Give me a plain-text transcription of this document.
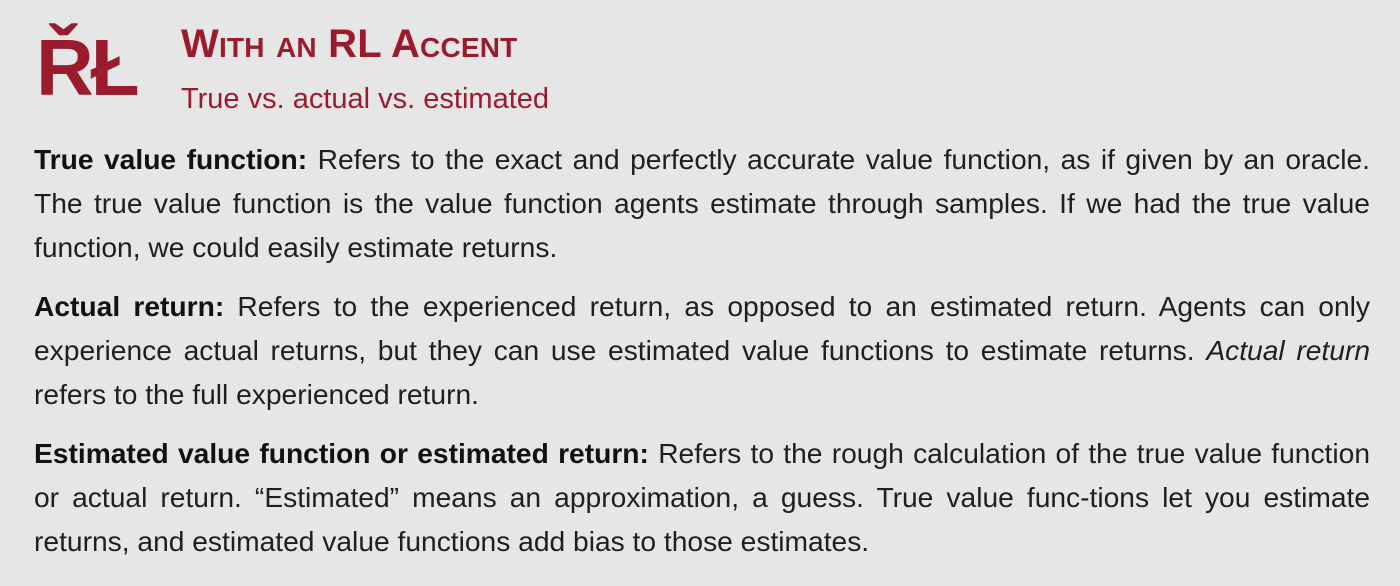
ŘŁ With an RL Accent
True vs. actual vs. estimated

True value function: Refers to the exact and perfectly accurate value function, as if given by an oracle. The true value function is the value function agents estimate through samples. If we had the true value function, we could easily estimate returns.

Actual return: Refers to the experienced return, as opposed to an estimated return. Agents can only experience actual returns, but they can use estimated value functions to estimate returns. Actual return refers to the full experienced return.

Estimated value function or estimated return: Refers to the rough calculation of the true value function or actual return. “Estimated” means an approximation, a guess. True value func-tions let you estimate returns, and estimated value functions add bias to those estimates.
